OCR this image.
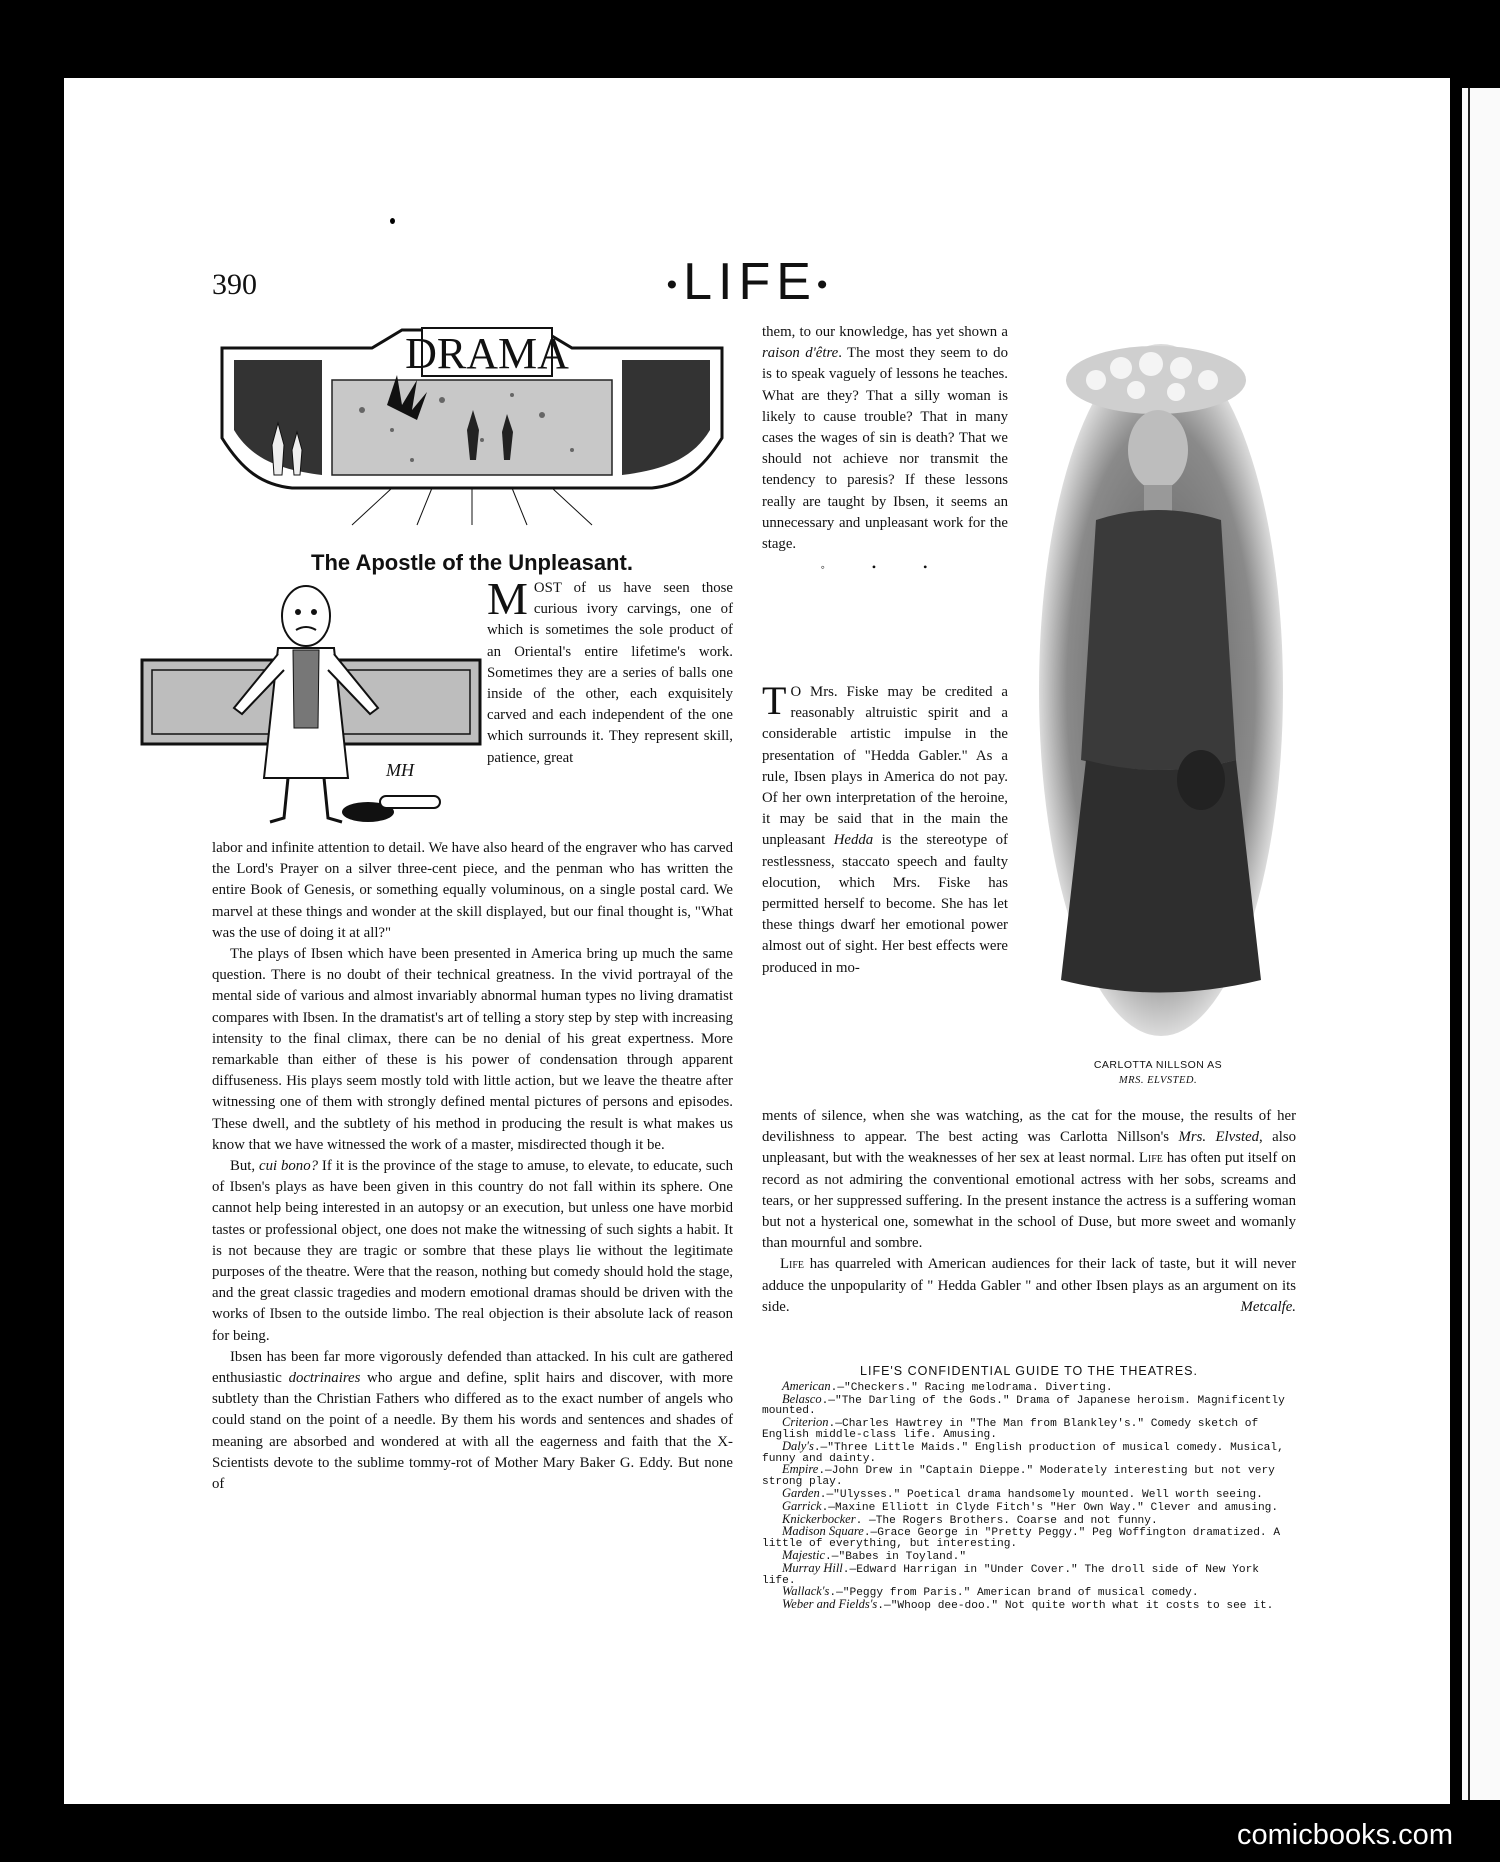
390	•LIFE•
DRAMA
The Apostle of the Unpleasant.
MH
MOST of us have seen those curious ivory carvings, one of which is sometimes the sole product of an Oriental's entire lifetime's work. Sometimes they are a series of balls one inside of the other, each exquisitely carved and each independent of the one which surrounds it. They represent skill, patience, great

labor and infinite attention to detail. We have also heard of the engraver who has carved the Lord's Prayer on a silver three-cent piece, and the penman who has written the entire Book of Genesis, or something equally voluminous, on a single postal card. We marvel at these things and wonder at the skill displayed, but our final thought is, "What was the use of doing it at all?"

The plays of Ibsen which have been presented in America bring up much the same question. There is no doubt of their technical greatness. In the vivid portrayal of the mental side of various and almost invariably abnormal human types no living dramatist compares with Ibsen. In the dramatist's art of telling a story step by step with increasing intensity to the final climax, there can be no denial of his great expertness. More remarkable than either of these is his power of condensation through apparent diffuseness. His plays seem mostly told with little action, but we leave the theatre after witnessing one of them with strongly defined mental pictures of persons and episodes. These dwell, and the subtlety of his method in producing the result is what makes us know that we have witnessed the work of a master, misdirected though it be.

But, cui bono? If it is the province of the stage to amuse, to elevate, to educate, such of Ibsen's plays as have been given in this country do not fall within its sphere. One cannot help being interested in an autopsy or an execution, but unless one have morbid tastes or professional object, one does not make the witnessing of such sights a habit. It is not because they are tragic or sombre that these plays lie without the legitimate purposes of the theatre. Were that the reason, nothing but comedy should hold the stage, and the great classic tragedies and modern emotional dramas should be driven with the works of Ibsen to the outside limbo. The real objection is their absolute lack of reason for being.

Ibsen has been far more vigorously defended than attacked. In his cult are gathered enthusiastic doctrinaires who argue and define, split hairs and discover, with more subtlety than the Christian Fathers who differed as to the exact number of angels who could stand on the point of a needle. By them his words and sentences and shades of meaning are absorbed and wondered at with all the eagerness and faith that the X-Scientists devote to the sublime tommy-rot of Mother Mary Baker G. Eddy. But none of

them, to our knowledge, has yet shown a raison d'être. The most they seem to do is to speak vaguely of lessons he teaches. What are they? That a silly woman is likely to cause trouble? That in many cases the wages of sin is death? That we should not achieve nor transmit the tendency to paresis? If these lessons really are taught by Ibsen, it seems an unnecessary and unpleasant work for the stage.

◦ • •

T O Mrs. Fiske may be credited a reasonably altruistic spirit and a considerable artistic impulse in the presentation of "Hedda Gabler." As a rule, Ibsen plays in America do not pay. Of her own interpretation of the heroine, it may be said that in the main the unpleasant Hedda is the stereotype of restlessness, staccato speech and faulty elocution, which Mrs. Fiske has permitted herself to become. She has let these things dwarf her emotional power almost out of sight. Her best effects were produced in mo-

ments of silence, when she was watching, as the cat for the mouse, the results of her devilishness to appear. The best acting was Carlotta Nillson's Mrs. Elvsted, also unpleasant, but with the weaknesses of her sex at least normal. Life has often put itself on record as not admiring the conventional emotional actress with her sobs, screams and tears, or her suppressed suffering. In the present instance the actress is a suffering woman but not a hysterical one, somewhat in the school of Duse, but more sweet and womanly than mournful and sombre.

Life has quarreled with American audiences for their lack of taste, but it will never adduce the unpopularity of " Hedda Gabler " and other Ibsen plays as an argument on its side.	Metcalfe.

CARLOTTA NILLSON AS
MRS. ELVSTED.
LIFE'S CONFIDENTIAL GUIDE TO THE THEATRES.

American.—"Checkers." Racing melodrama. Diverting.

Belasco.—"The Darling of the Gods." Drama of Japanese heroism. Magnificently mounted.

Criterion.—Charles Hawtrey in "The Man from Blankley's." Comedy sketch of English middle-class life. Amusing.

Daly's.—"Three Little Maids." English production of musical comedy. Musical, funny and dainty.

Empire.—John Drew in "Captain Dieppe." Moderately interesting but not very strong play.

Garden.—"Ulysses." Poetical drama handsomely mounted. Well worth seeing.

Garrick.—Maxine Elliott in Clyde Fitch's "Her Own Way." Clever and amusing.

Knickerbocker. —The Rogers Brothers. Coarse and not funny.

Madison Square.—Grace George in "Pretty Peggy." Peg Woffington dramatized. A little of everything, but interesting.

Majestic.—"Babes in Toyland."

Murray Hill.—Edward Harrigan in "Under Cover." The droll side of New York life.

Wallack's.—"Peggy from Paris." American brand of musical comedy.

Weber and Fields's.—"Whoop dee-doo." Not quite worth what it costs to see it.

comicbooks.com
